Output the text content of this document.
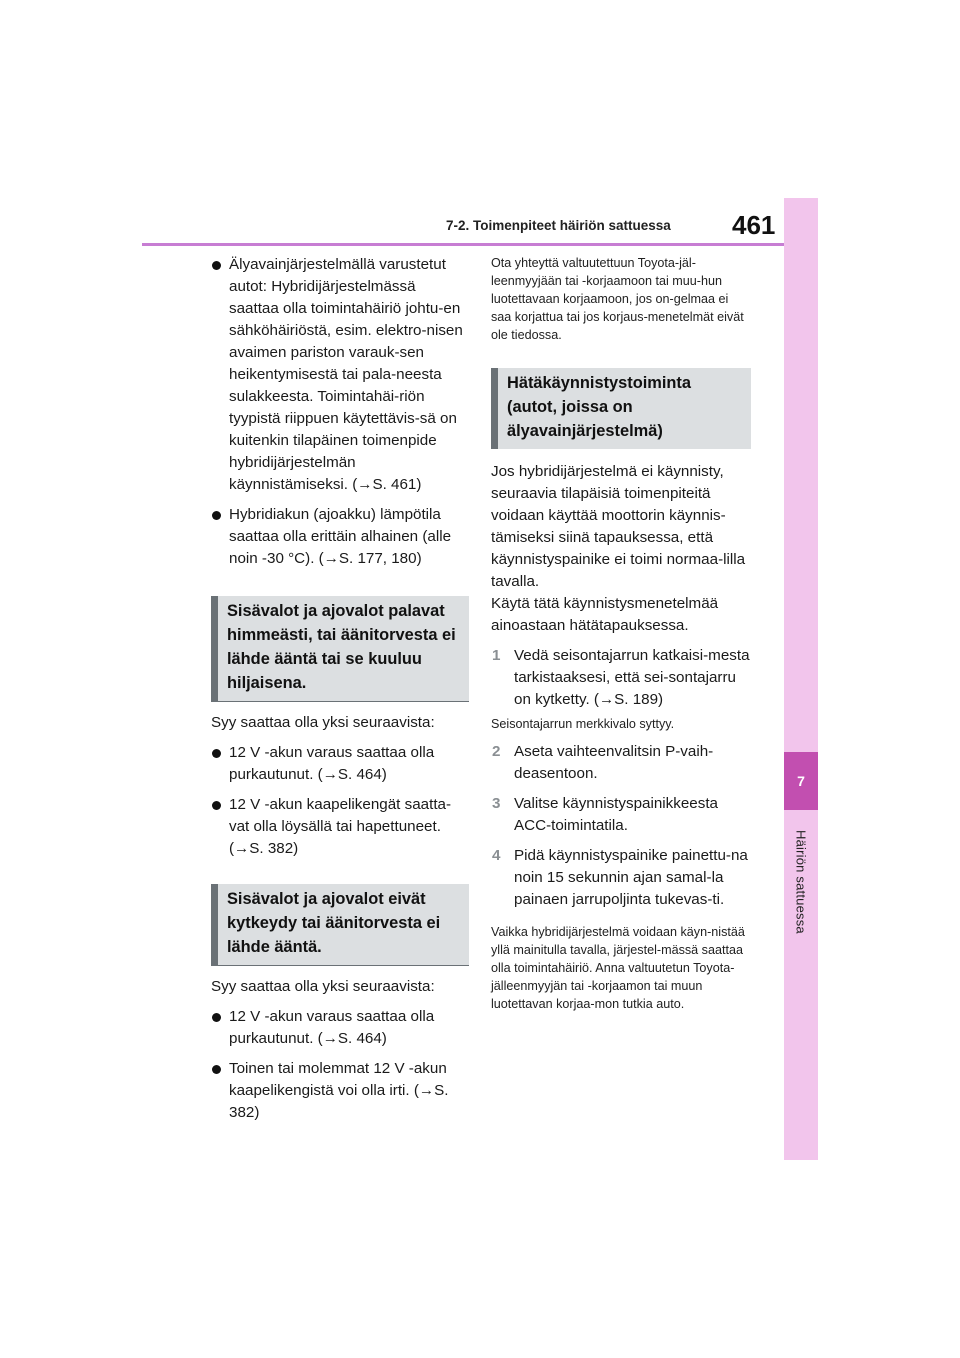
7-2. Toimenpiteet häiriön sattuessa 461
7
Häiriön sattuessa
Älyavainjärjestelmällä varustetut autot: Hybridijärjestelmässä saattaa olla toimintahäiriö johtu-en sähköhäiriöstä, esim. elektro-nisen avaimen pariston varauk-sen heikentymisestä tai pala-neesta sulakkeesta. Toimintahäi-riön tyypistä riippuen käytettävis-sä on kuitenkin tilapäinen toimenpide hybridijärjestelmän käynnistämiseksi. (→S. 461)
Hybridiakun (ajoakku) lämpötila saattaa olla erittäin alhainen (alle noin -30 °C). (→S. 177, 180)
Sisävalot ja ajovalot palavat himmeästi, tai äänitorvesta ei lähde ääntä tai se kuuluu hiljaisena.

Syy saattaa olla yksi seuraavista:

12 V -akun varaus saattaa olla purkautunut. (→S. 464)
12 V -akun kaapelikengät saatta-vat olla löysällä tai hapettuneet. (→S. 382)
Sisävalot ja ajovalot eivät kytkeydy tai äänitorvesta ei lähde ääntä.

Syy saattaa olla yksi seuraavista:

12 V -akun varaus saattaa olla purkautunut. (→S. 464)
Toinen tai molemmat 12 V -akun kaapelikengistä voi olla irti. (→S. 382)

Ota yhteyttä valtuutettuun Toyota-jäl-leenmyyjään tai -korjaamoon tai muu-hun luotettavaan korjaamoon, jos on-gelmaa ei saa korjattua tai jos korjaus-menetelmät eivät ole tiedossa.

Hätäkäynnistystoiminta (autot, joissa on älyavainjärjestelmä)

Jos hybridijärjestelmä ei käynnisty, seuraavia tilapäisiä toimenpiteitä voidaan käyttää moottorin käynnis-tämiseksi siinä tapauksessa, että käynnistyspainike ei toimi normaa-lilla tavalla.

Käytä tätä käynnistysmenetelmää ainoastaan hätätapauksessa.

1 Vedä seisontajarrun katkaisi-mesta tarkistaaksesi, että sei-sontajarru on kytketty. (→S. 189)

Seisontajarrun merkkivalo syttyy.

2 Aseta vaihteenvalitsin P-vaih-deasentoon.
3 Valitse käynnistyspainikkeesta ACC-toimintatila.
4 Pidä käynnistyspainike painettu-na noin 15 sekunnin ajan samal-la painaen jarrupoljinta tukevas-ti.

Vaikka hybridijärjestelmä voidaan käyn-nistää yllä mainitulla tavalla, järjestel-mässä saattaa olla toimintahäiriö. Anna valtuutetun Toyota-jälleenmyyjän tai -korjaamon tai muun luotettavan korjaa-mon tutkia auto.
